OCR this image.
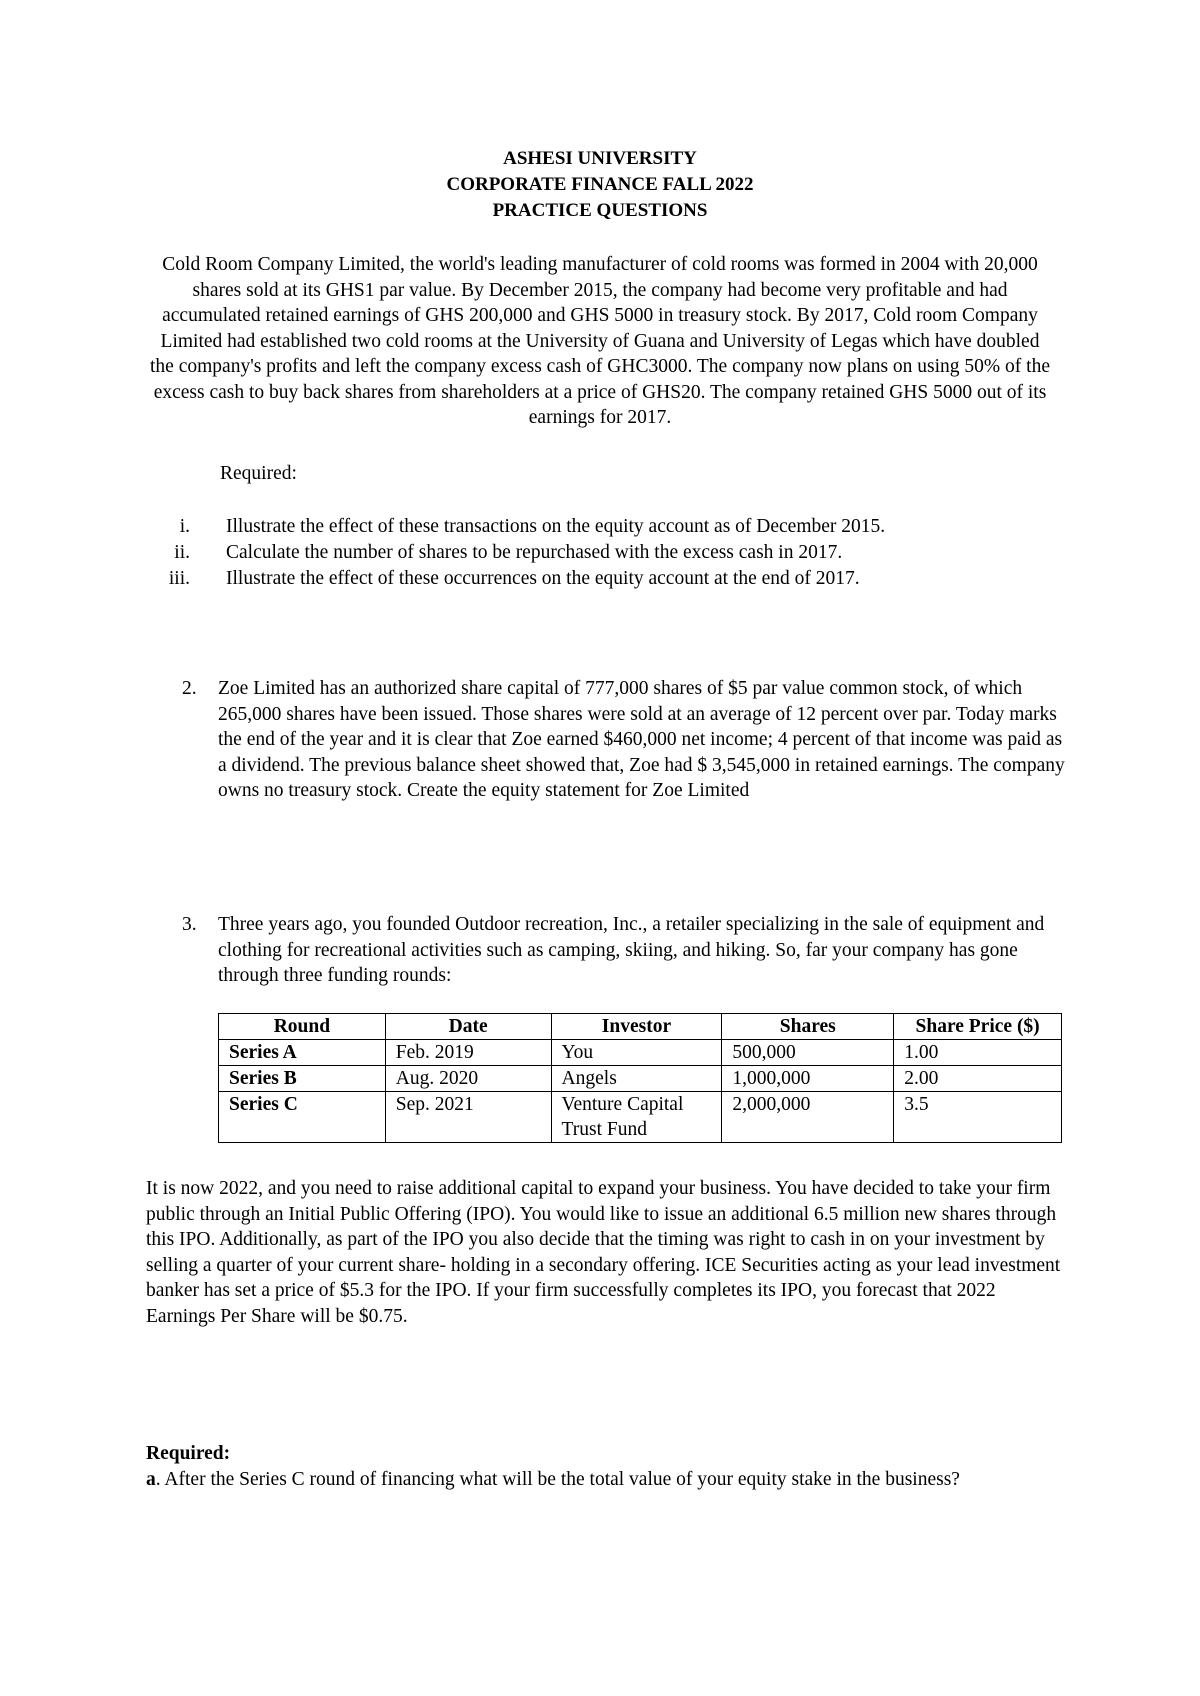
ASHESI UNIVERSITY
CORPORATE FINANCE FALL 2022
PRACTICE QUESTIONS
Cold Room Company Limited, the world's leading manufacturer of cold rooms was formed in 2004 with 20,000 shares sold at its GHS1 par value. By December 2015, the company had become very profitable and had accumulated retained earnings of GHS 200,000 and GHS 5000 in treasury stock. By 2017, Cold room Company Limited had established two cold rooms at the University of Guana and University of Legas which have doubled the company's profits and left the company excess cash of GHC3000. The company now plans on using 50% of the excess cash to buy back shares from shareholders at a price of GHS20. The company retained GHS 5000 out of its earnings for 2017.
Required:
i. Illustrate the effect of these transactions on the equity account as of December 2015.
ii. Calculate the number of shares to be repurchased with the excess cash in 2017.
iii. Illustrate the effect of these occurrences on the equity account at the end of 2017.
2. Zoe Limited has an authorized share capital of 777,000 shares of $5 par value common stock, of which 265,000 shares have been issued. Those shares were sold at an average of 12 percent over par. Today marks the end of the year and it is clear that Zoe earned $460,000 net income; 4 percent of that income was paid as a dividend. The previous balance sheet showed that, Zoe had $ 3,545,000 in retained earnings. The company owns no treasury stock. Create the equity statement for Zoe Limited
3. Three years ago, you founded Outdoor recreation, Inc., a retailer specializing in the sale of equipment and clothing for recreational activities such as camping, skiing, and hiking. So, far your company has gone through three funding rounds:
Round	Date	Investor	Shares	Share Price ($)
Series A	Feb. 2019	You	500,000	1.00
Series B	Aug. 2020	Angels	1,000,000	2.00
Series C	Sep. 2021	Venture Capital Trust Fund	2,000,000	3.5
It is now 2022, and you need to raise additional capital to expand your business. You have decided to take your firm public through an Initial Public Offering (IPO). You would like to issue an additional 6.5 million new shares through this IPO. Additionally, as part of the IPO you also decide that the timing was right to cash in on your investment by selling a quarter of your current share- holding in a secondary offering. ICE Securities acting as your lead investment banker has set a price of $5.3 for the IPO. If your firm successfully completes its IPO, you forecast that 2022 Earnings Per Share will be $0.75.
Required:
a. After the Series C round of financing what will be the total value of your equity stake in the business?
